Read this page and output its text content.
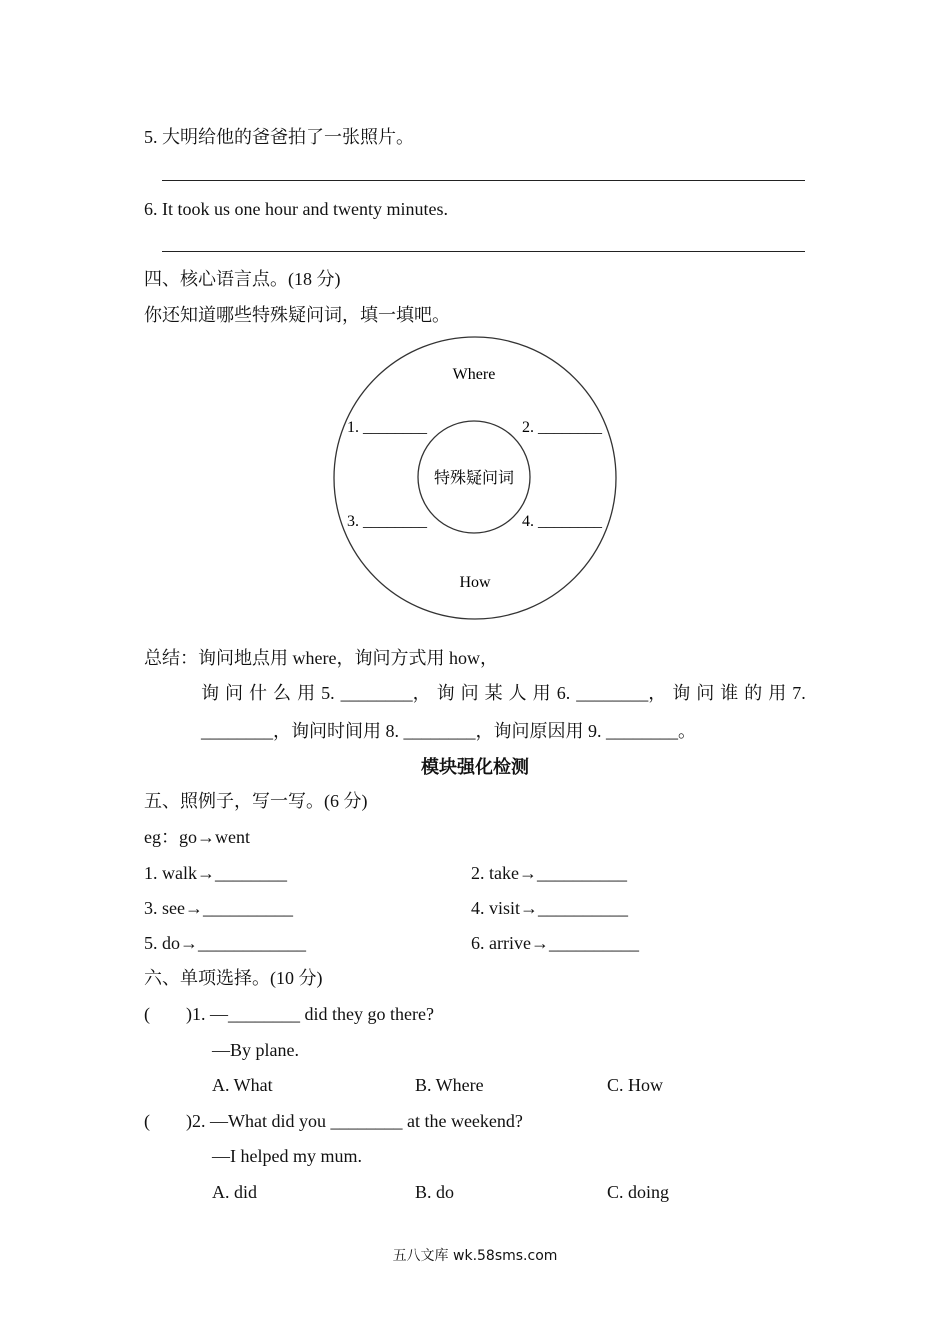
5. 大明给他的爸爸拍了一张照片。
6. It took us one hour and twenty minutes.
四、核心语言点。(18 分)
你还知道哪些特殊疑问词，填一填吧。
Where
How
特殊疑问词
1. ________	2. ________
3. ________	4. ________
总结：询问地点用 where，询问方式用 how，
询 问 什 么 用 5. ________， 询 问 某 人 用 6. ________， 询 问 谁 的 用 7.
________，询问时间用 8. ________，询问原因用 9. ________。
模块强化检测
五、照例子，写一写。(6 分)
eg：go→went
1. walk→________	2. take→__________
3. see→__________	4. visit→__________
5. do→____________	6. arrive→__________
六、单项选择。(10 分)
(　　)1. —________ did they go there?
—By plane.
A. What	B. Where	C. How
(　　)2. —What did you ________ at the weekend?
—I helped my mum.
A. did	B. do	C. doing
五八文库 wk.58sms.com
